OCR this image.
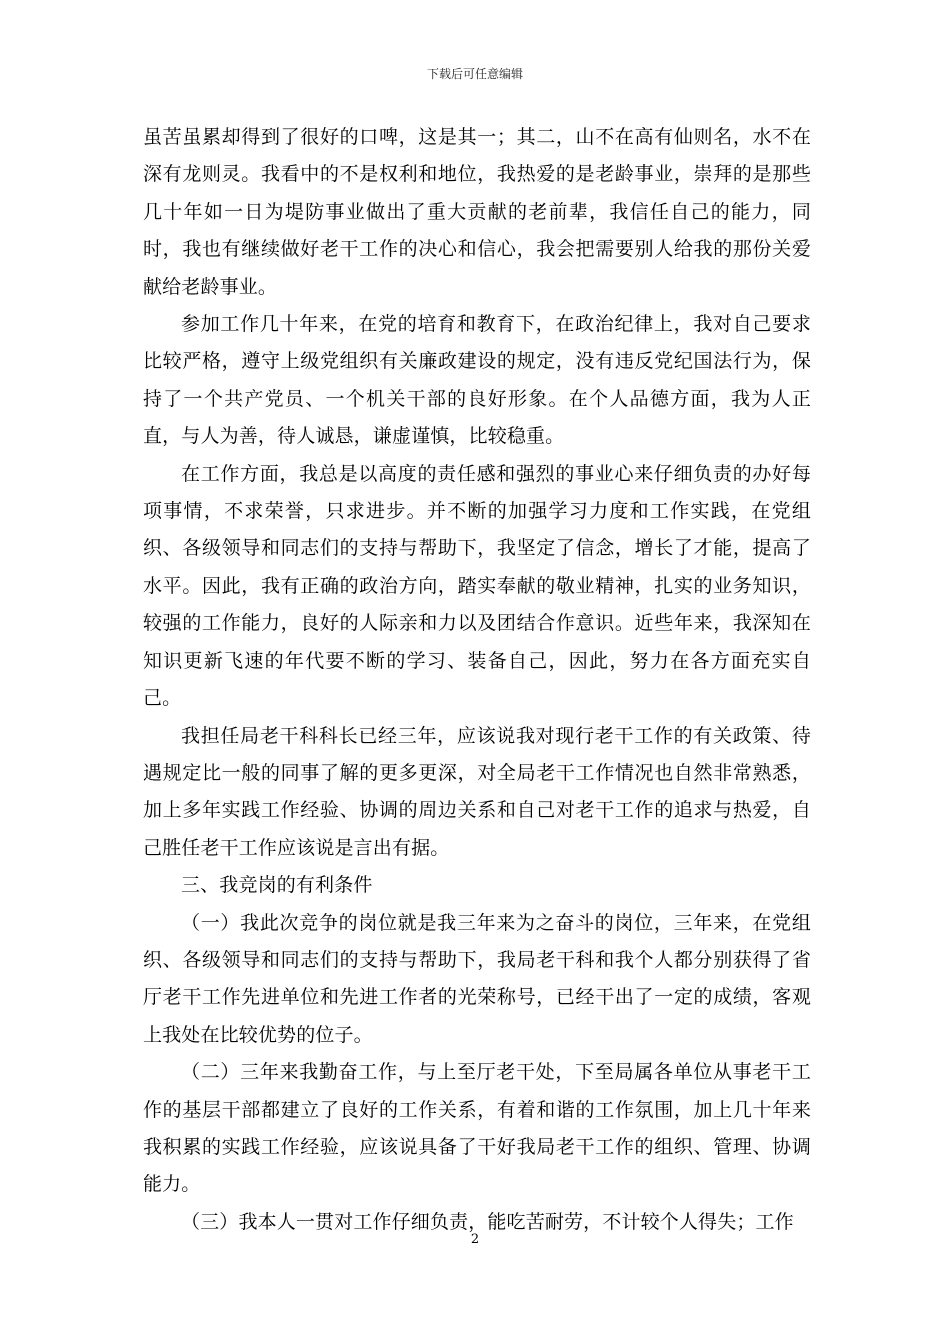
下载后可任意编辑

虽苦虽累却得到了很好的口啤，这是其一；其二，山不在高有仙则名，水不在深有龙则灵。我看中的不是权利和地位，我热爱的是老龄事业，崇拜的是那些几十年如一日为堤防事业做出了重大贡献的老前辈，我信任自己的能力，同时，我也有继续做好老干工作的决心和信心，我会把需要别人给我的那份关爱献给老龄事业。

参加工作几十年来，在党的培育和教育下，在政治纪律上，我对自己要求比较严格，遵守上级党组织有关廉政建设的规定，没有违反党纪国法行为，保持了一个共产党员、一个机关干部的良好形象。在个人品德方面，我为人正直，与人为善，待人诚恳，谦虚谨慎，比较稳重。

在工作方面，我总是以高度的责任感和强烈的事业心来仔细负责的办好每项事情，不求荣誉，只求进步。并不断的加强学习力度和工作实践，在党组织、各级领导和同志们的支持与帮助下，我坚定了信念，增长了才能，提高了水平。因此，我有正确的政治方向，踏实奉献的敬业精神，扎实的业务知识，较强的工作能力，良好的人际亲和力以及团结合作意识。近些年来，我深知在知识更新飞速的年代要不断的学习、装备自己，因此，努力在各方面充实自己。

我担任局老干科科长已经三年，应该说我对现行老干工作的有关政策、待遇规定比一般的同事了解的更多更深，对全局老干工作情况也自然非常熟悉，加上多年实践工作经验、协调的周边关系和自己对老干工作的追求与热爱，自己胜任老干工作应该说是言出有据。

三、我竞岗的有利条件

（一）我此次竞争的岗位就是我三年来为之奋斗的岗位，三年来，在党组织、各级领导和同志们的支持与帮助下，我局老干科和我个人都分别获得了省厅老干工作先进单位和先进工作者的光荣称号，已经干出了一定的成绩，客观上我处在比较优势的位子。

（二）三年来我勤奋工作，与上至厅老干处，下至局属各单位从事老干工作的基层干部都建立了良好的工作关系，有着和谐的工作氛围，加上几十年来我积累的实践工作经验，应该说具备了干好我局老干工作的组织、管理、协调能力。

（三）我本人一贯对工作仔细负责，能吃苦耐劳，不计较个人得失；工作

2
